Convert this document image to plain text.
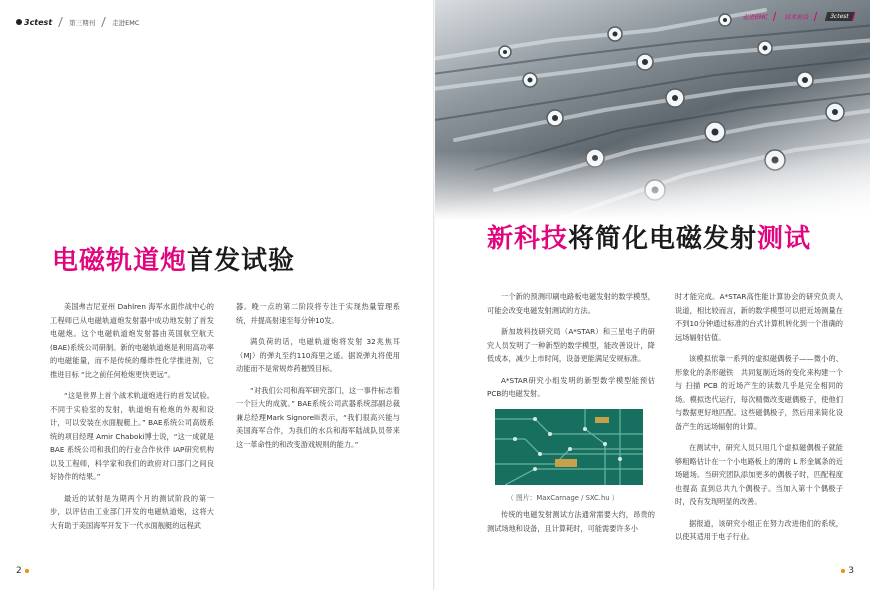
3ctest	第三期刊	走进EMC
电磁轨道炮首发试验

美国弗吉尼亚州 Dahlren 海军水面作战中心的工程师已从电磁轨道炮发射器中成功地发射了首发电磁炮。这个电磁轨道炮发射器由英国航空航天(BAE)系统公司研制。新的电磁轨道炮是利用高功率的电磁能量，而不是传统的爆炸性化学推进剂，它推进目标 “比之前任何枪炮更快更远”。

“这是世界上首个战术轨道炮进行的首发试验。不同于实验室的发射，轨道炮有枪炮的外观和设计，可以安装在水面舰艇上。” BAE系统公司高级系统的项目经理 Amir Chaboki博士说，“这一成就是 BAE 系统公司和我们的行业合作伙伴 IAP研究机构以及工程师，科学家和我们的政府对口部门之间良好协作的结果。”

最近的试射是为期两个月的测试阶段的第一步，以评估由工业部门开发的电磁轨道炮，这将大大有助于美国海军开发下一代水面舰艇的远程武

器。晚一点的第二阶段将专注于实现热量管理系统，并提高射速至每分钟10发。

满负荷的话，电磁轨道炮将发射 32兆焦耳（MJ）的弹丸至约110海里之遥。据说弹丸将使用动能而不是常规炸药摧毁目标。

“对我们公司和海军研究部门，这一事件标志着一个巨大的成就。” BAE系统公司武器系统部副总裁兼总经理Mark Signorelli表示，“我们很高兴能与美国海军合作，为我们的水兵和海军陆战队员带来这一革命性的和改变游戏规则的能力。”

2
走进EMC	技术前沿	3ctest
新科技将简化电磁发射测试

一个新的预测印刷电路板电磁发射的数学模型，可能会改变电磁发射测试的方法。

新加坡科技研究局（A*STAR）和三星电子的研究人员发明了一种新型的数学模型，能改善设计，降低成本，减少上市时间，设备更能满足安规标准。

A*STAR研究小组发明的新型数学模型能预估PCB的电磁发射。

（ 图片：MaxCarnage / SXC.hu ）

传统的电磁发射测试方法通常需要大约，昂贵的测试场地和设备，且计算耗时，可能需要许多小

时才能完成。A*STAR高性能计算协会的研究负责人说道，相比较而言，新的数学模型可以把近场测量在不到10分钟通过标准的台式计算机转化到一个准确的远场辐射估值。

该模拟依靠一系列的虚拟磁偶极子——微小的、形象化的条形磁铁　共同复制近场的变化来构建一个与 扫描 PCB 的近场产生的读数几乎是完全相同的场。模拟迭代运行，每次精微改变磁偶极子，使他们与数据更好地匹配。这些磁偶极子，然后用来简化设备产生的远场辐射的计算。

在测试中，研究人员只用几个虚拟磁偶极子就能够粗略估计在一个小电路板上的薄的 L 形金属条的近场磁场。当研究团队添加更多的偶极子时，匹配程度也提高 直到总共九个偶极子。当加入第十个偶极子时，没有发现明显的改善。

据报道，该研究小组正在努力改进他们的系统，以使其适用于电子行业。

3
